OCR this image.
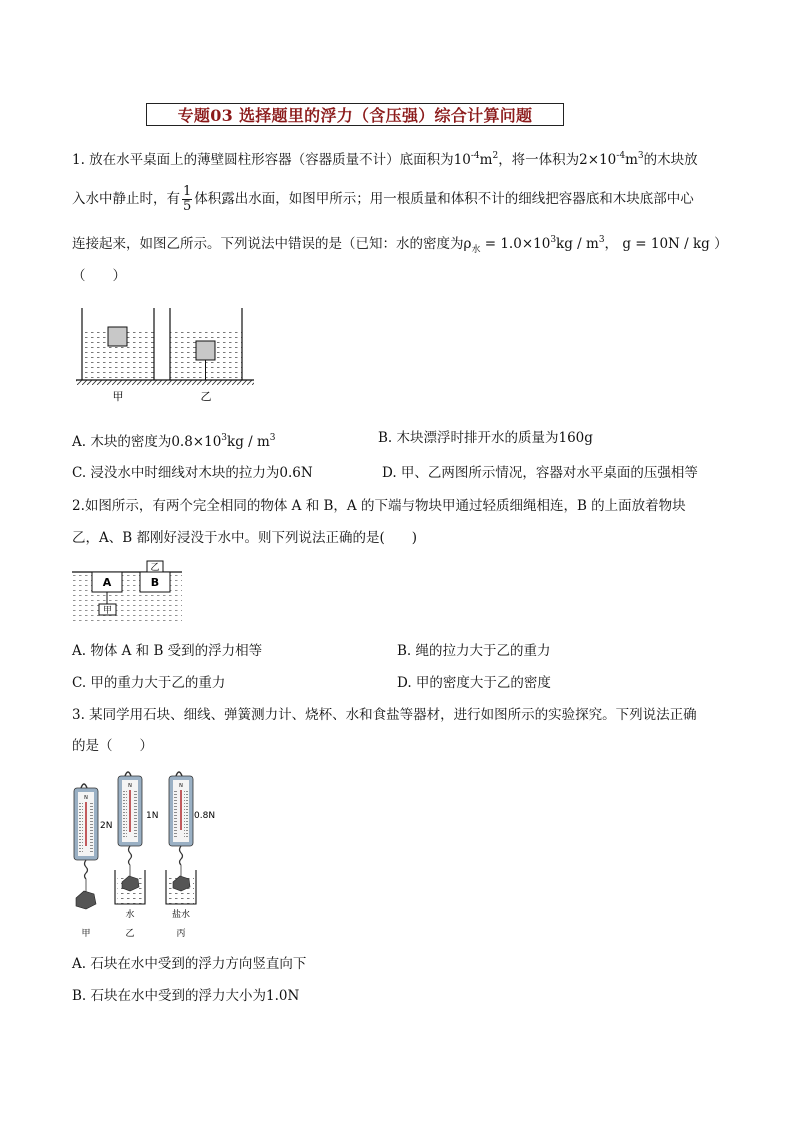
专题03 选择题里的浮力（含压强）综合计算问题
1. 放在水平桌面上的薄壁圆柱形容器（容器质量不计）底面积为$10^{-4}m^2$，将一体积为$2\times 10^{-4}m^3$的木块放
入水中静止时，有 $\frac{1}{5}$ 体积露出水面，如图甲所示；用一根质量和体积不计的细线把容器底和木块底部中心
连接起来，如图乙所示。下列说法中错误的是（已知：水的密度为$\rho_水 = 1.0\times 10^3kg / m^3$， g = 10N / kg ）
（　　）
甲	乙
A. 木块的密度为$0.8\times 10^3kg / m^3$	B. 木块漂浮时排开水的质量为160g
C. 浸没水中时细线对木块的拉力为0.6N	D. 甲、乙两图所示情况，容器对水平桌面的压强相等
2.如图所示，有两个完全相同的物体 A 和 B，A 的下端与物块甲通过轻质细绳相连，B 的上面放着物块
乙，A、B 都刚好浸没于水中。则下列说法正确的是(　　)
A
甲
B
乙
A. 物体 A 和 B 受到的浮力相等	B. 绳的拉力大于乙的重力
C. 甲的重力大于乙的重力	D. 甲的密度大于乙的密度
3. 某同学用石块、细线、弹簧测力计、烧杯、水和食盐等器材，进行如图所示的实验探究。下列说法正确
的是（　　）
N
2N
N
1N
N
0.8N
水	盐水
甲	乙	丙
A. 石块在水中受到的浮力方向竖直向下
B. 石块在水中受到的浮力大小为1.0N
